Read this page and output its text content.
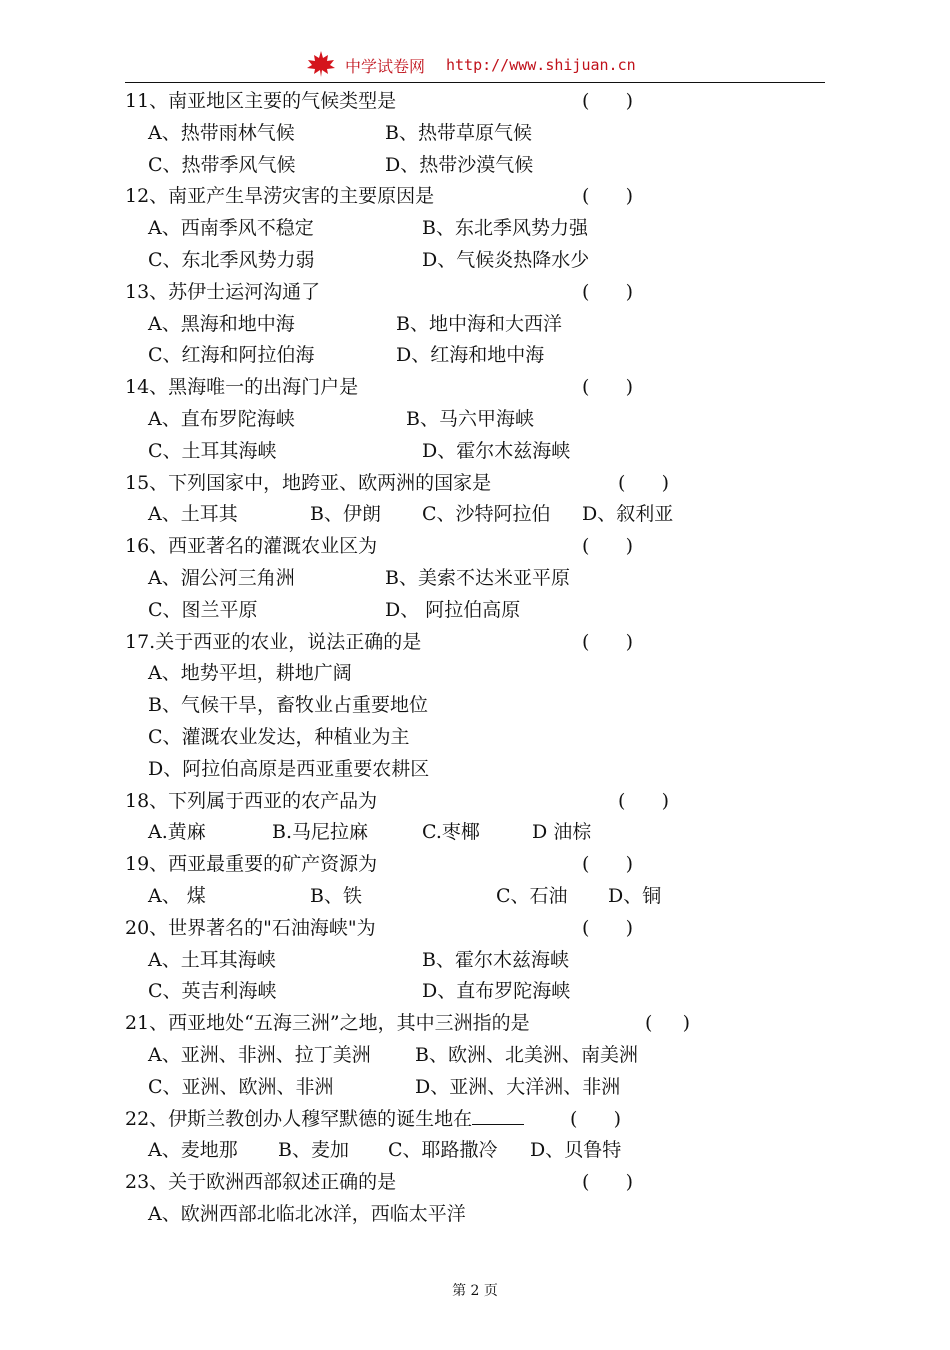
中学试卷网 http://www.shijuan.cn
11、南亚地区主要的气候类型是	(      )
A、热带雨林气候	B、热带草原气候
C、热带季风气候	D、热带沙漠气候
12、南亚产生旱涝灾害的主要原因是	(      )
A、西南季风不稳定	B、东北季风势力强
C、东北季风势力弱	D、气候炎热降水少
13、苏伊士运河沟通了	(      )
A、黑海和地中海	B、地中海和大西洋
C、红海和阿拉伯海	D、红海和地中海
14、黑海唯一的出海门户是	(      )
A、直布罗陀海峡	B、马六甲海峡
C、土耳其海峡	D、霍尔木兹海峡
15、下列国家中，地跨亚、欧两洲的国家是	(      )
A、土耳其	B、伊朗 C、沙特阿拉伯 D、叙利亚
16、西亚著名的灌溉农业区为	(      )
A、湄公河三角洲	B、美索不达米亚平原
C、图兰平原	D、 阿拉伯高原
17.关于西亚的农业，说法正确的是	(      )
A、地势平坦，耕地广阔
B、气候干旱，畜牧业占重要地位
C、灌溉农业发达，种植业为主
D、阿拉伯高原是西亚重要农耕区
18、下列属于西亚的农产品为	(      )
A.黄麻	B.马尼拉麻	C.枣椰	D 油棕
19、西亚最重要的矿产资源为	(      )
A、 煤	B、铁	C、石油 D、铜
20、世界著名的"石油海峡"为	(      )
A、土耳其海峡	B、霍尔木兹海峡
C、英吉利海峡	D、直布罗陀海峡
21、西亚地处“五海三洲”之地，其中三洲指的是	(     )
A、亚洲、非洲、拉丁美洲 B、欧洲、北美洲、南美洲
C、亚洲、欧洲、非洲	D、亚洲、大洋洲、非洲
22、伊斯兰教创办人穆罕默德的诞生地在	(      )
A、麦地那 B、麦加 C、耶路撒冷 D、贝鲁特
23、关于欧洲西部叙述正确的是	(      )
A、欧洲西部北临北冰洋，西临太平洋
第 2 页
